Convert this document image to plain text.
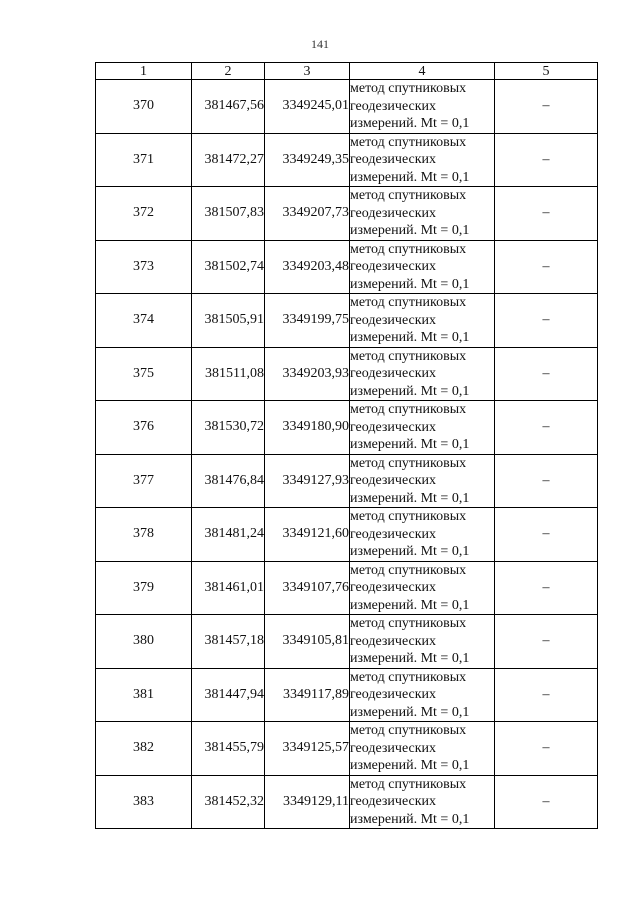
141
1	2	3	4	5
370	381467,56	3349245,01	метод спутниковых
геодезических
измерений. Mt = 0,1	–
371	381472,27	3349249,35	метод спутниковых
геодезических
измерений. Mt = 0,1	–
372	381507,83	3349207,73	метод спутниковых
геодезических
измерений. Mt = 0,1	–
373	381502,74	3349203,48	метод спутниковых
геодезических
измерений. Mt = 0,1	–
374	381505,91	3349199,75	метод спутниковых
геодезических
измерений. Mt = 0,1	–
375	381511,08	3349203,93	метод спутниковых
геодезических
измерений. Mt = 0,1	–
376	381530,72	3349180,90	метод спутниковых
геодезических
измерений. Mt = 0,1	–
377	381476,84	3349127,93	метод спутниковых
геодезических
измерений. Mt = 0,1	–
378	381481,24	3349121,60	метод спутниковых
геодезических
измерений. Mt = 0,1	–
379	381461,01	3349107,76	метод спутниковых
геодезических
измерений. Mt = 0,1	–
380	381457,18	3349105,81	метод спутниковых
геодезических
измерений. Mt = 0,1	–
381	381447,94	3349117,89	метод спутниковых
геодезических
измерений. Mt = 0,1	–
382	381455,79	3349125,57	метод спутниковых
геодезических
измерений. Mt = 0,1	–
383	381452,32	3349129,11	метод спутниковых
геодезических
измерений. Mt = 0,1	–
